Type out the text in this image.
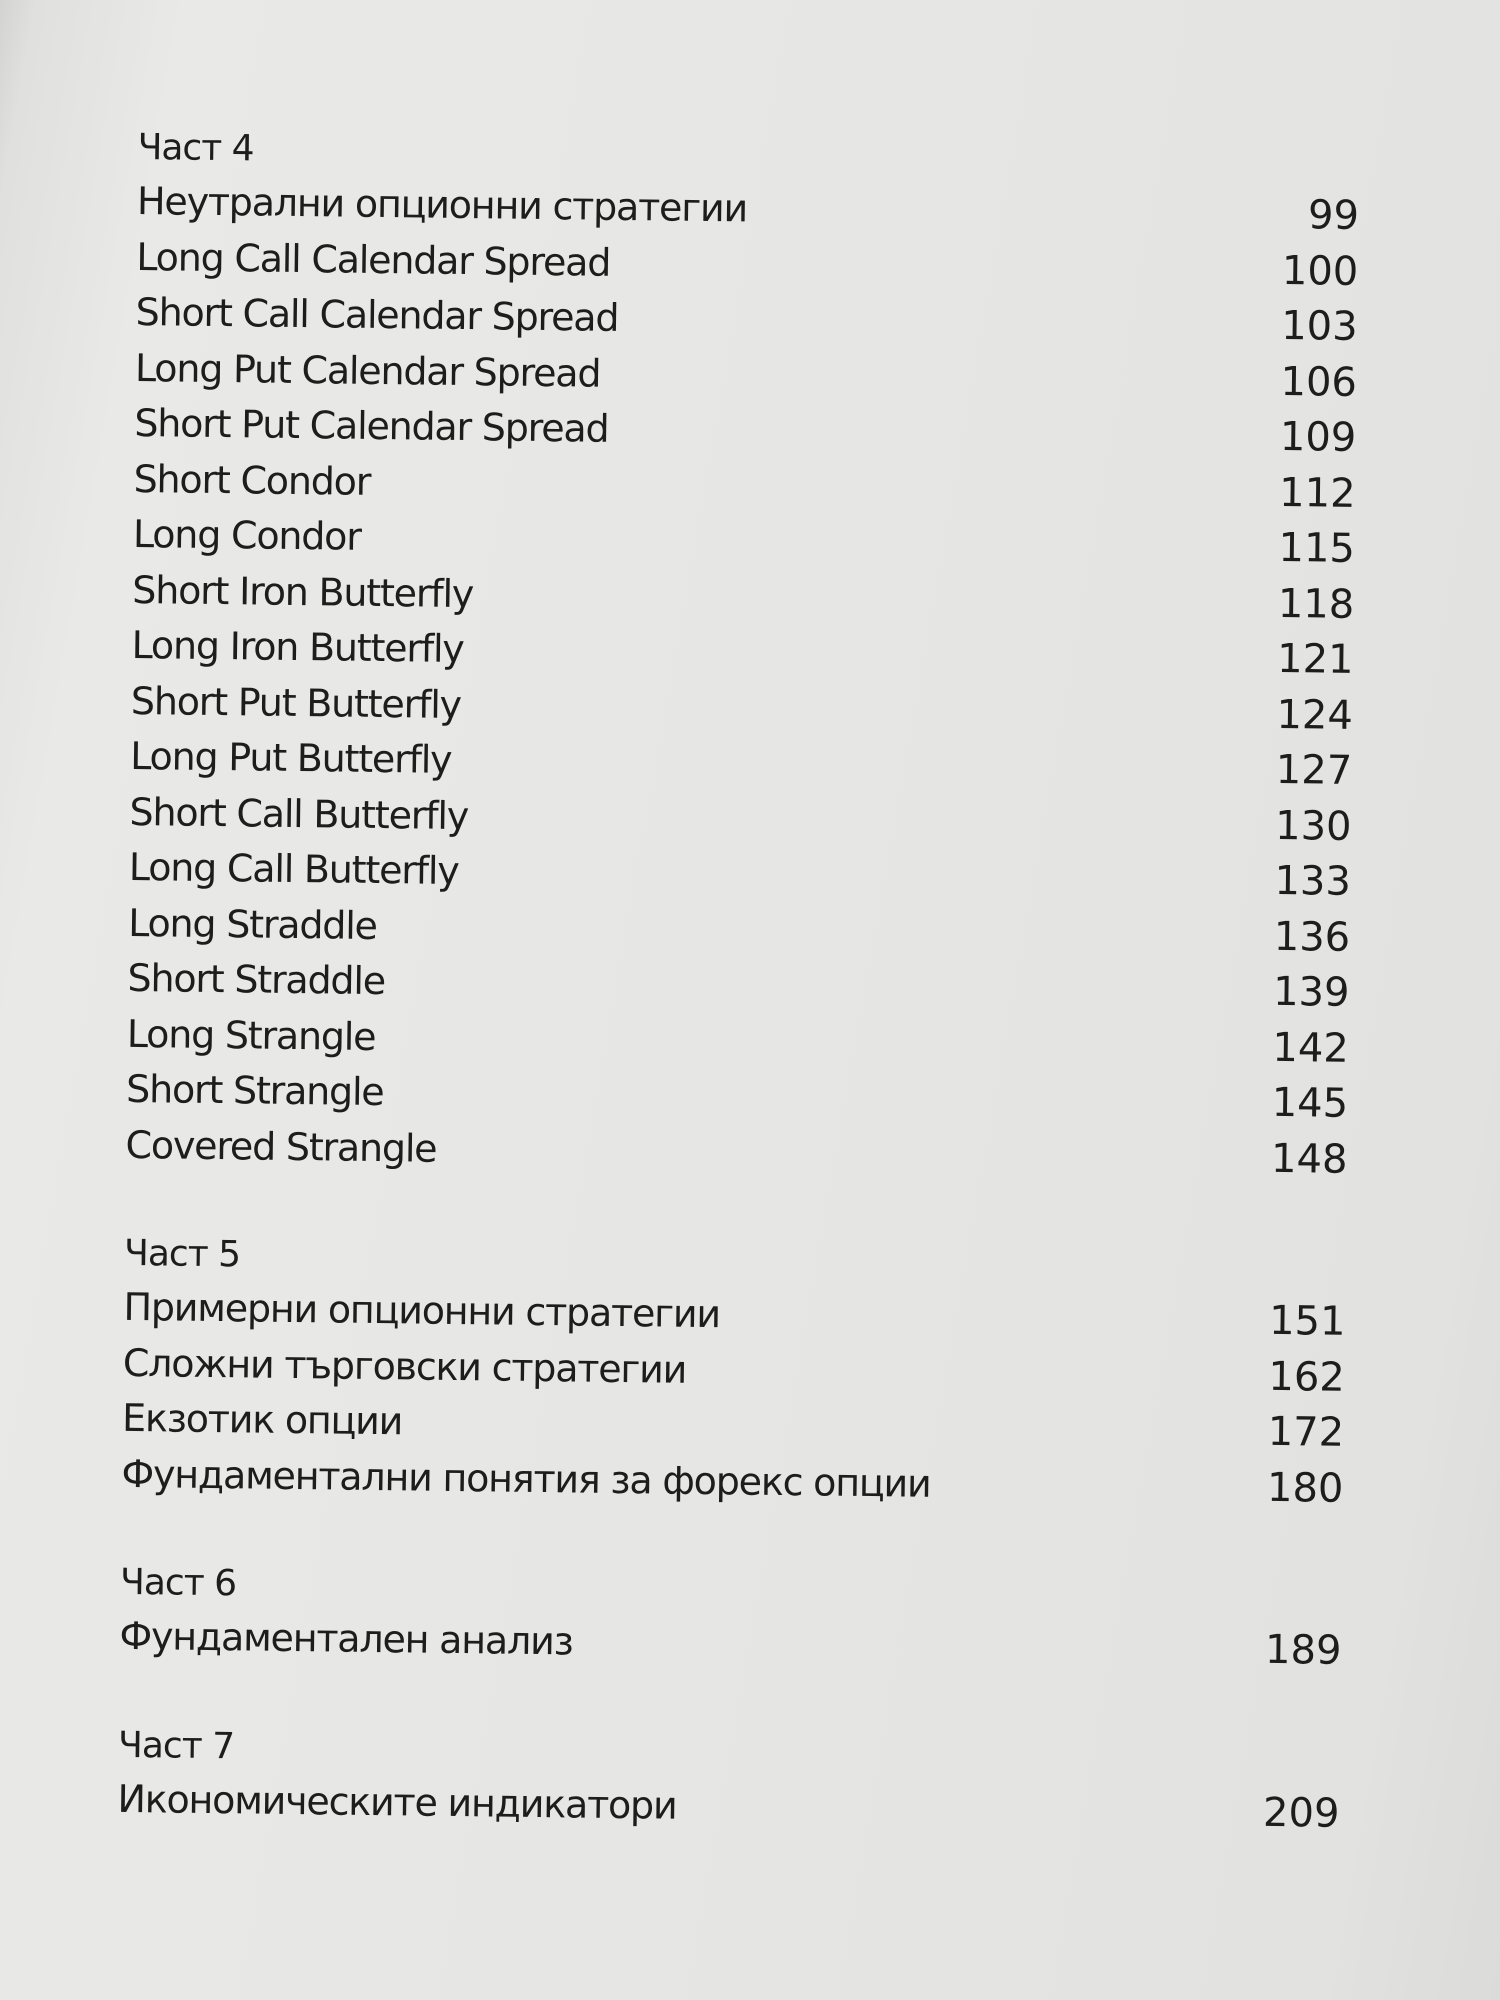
Част 4
Неутрални опционни стратегии	99
Long Call Calendar Spread	100
Short Call Calendar Spread	103
Long Put Calendar Spread	106
Short Put Calendar Spread	109
Short Condor	112
Long Condor	115
Short Iron Butterfly	118
Long Iron Butterfly	121
Short Put Butterfly	124
Long Put Butterfly	127
Short Call Butterfly	130
Long Call Butterfly	133
Long Straddle	136
Short Straddle	139
Long Strangle	142
Short Strangle	145
Covered Strangle	148
Част 5
Примерни опционни стратегии	151
Сложни търговски стратегии	162
Екзотик опции	172
Фундаментални понятия за форекс опции	180
Част 6
Фундаментален анализ	189
Част 7
Икономическите индикатори	209
